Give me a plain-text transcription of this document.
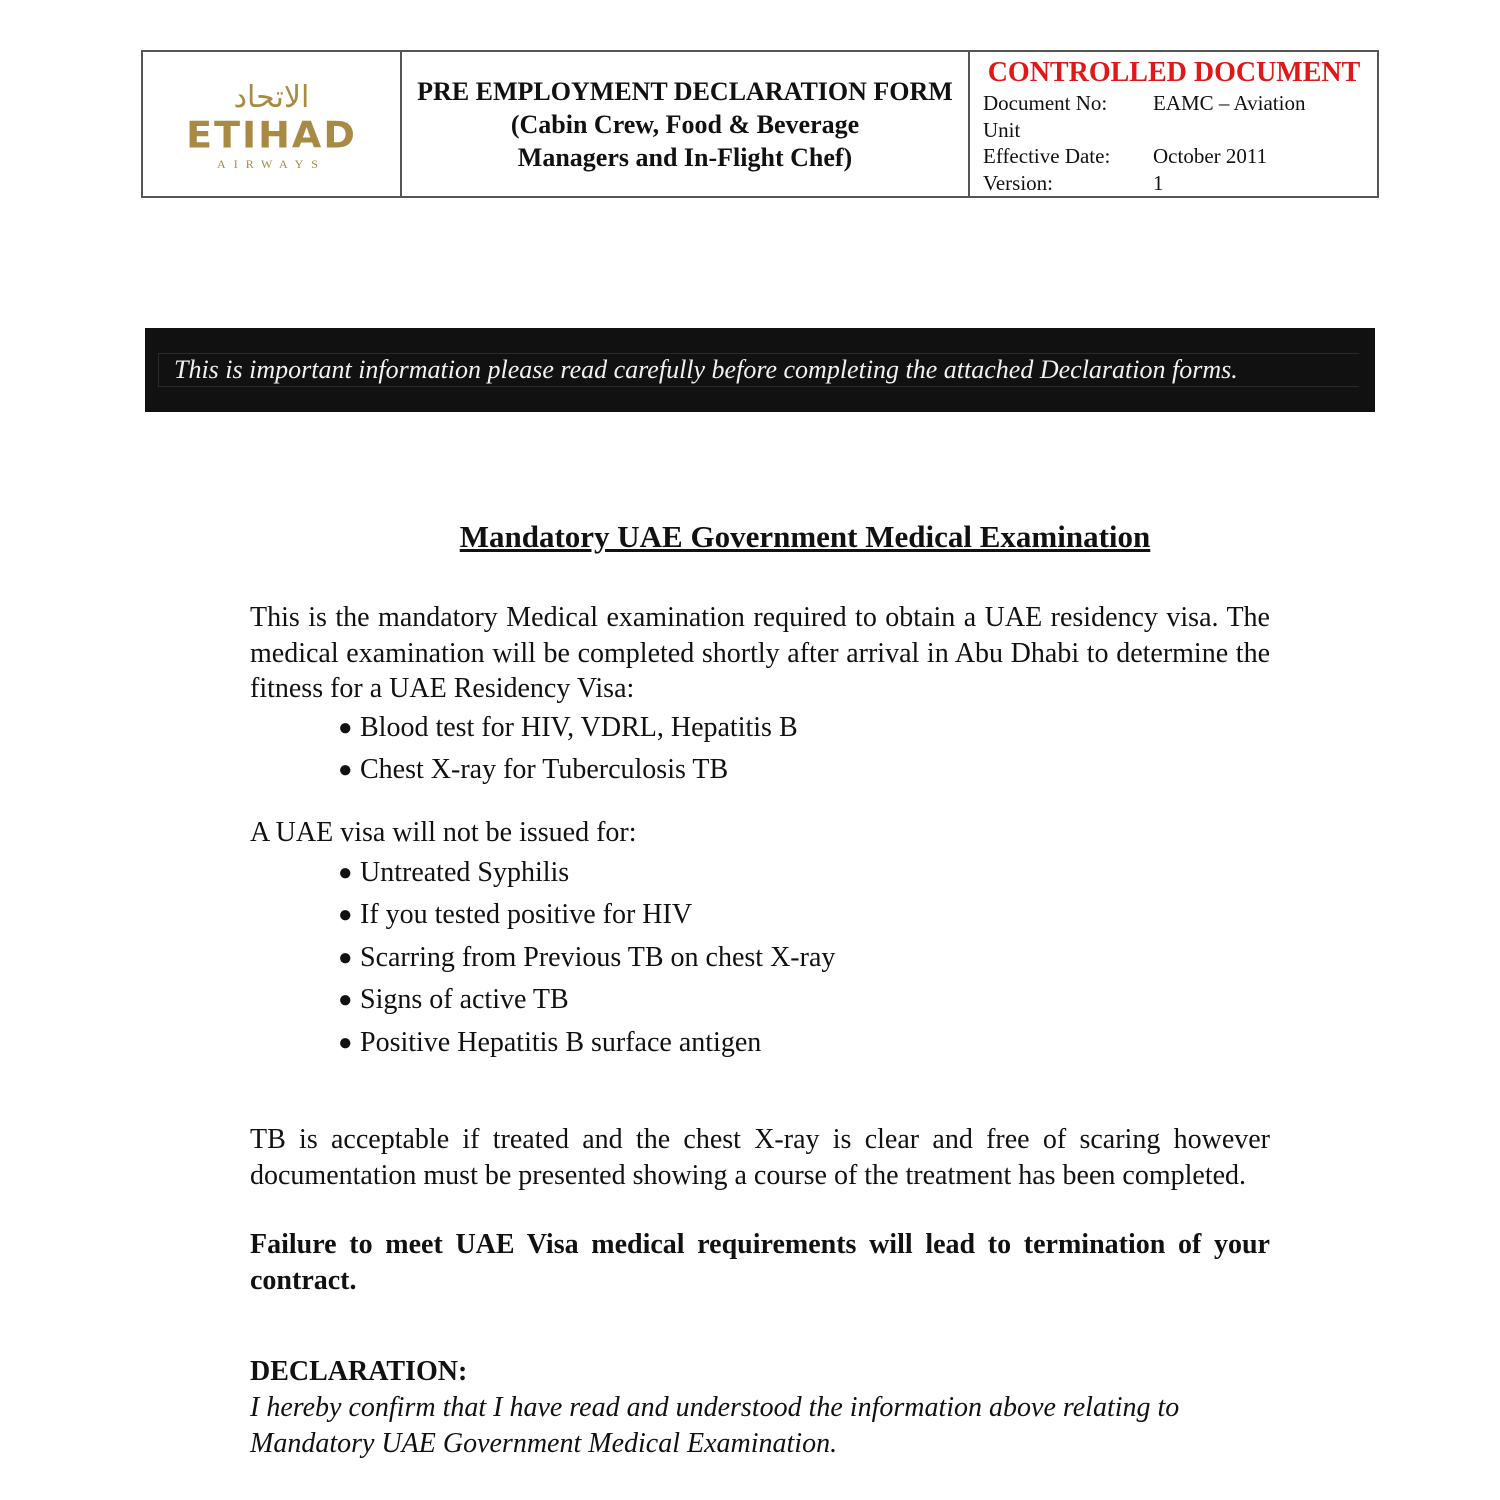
الاتحاد
ETIHAD
AIRWAYS
PRE EMPLOYMENT DECLARATION FORM
(Cabin Crew, Food & Beverage
Managers and In-Flight Chef)
CONTROLLED DOCUMENT
Document No:	EAMC – Aviation
Unit
Effective Date:	October 2011
Version:	1
This is important information please read carefully before completing the attached Declaration forms.
Mandatory UAE Government Medical Examination

This is the mandatory Medical examination required to obtain a UAE residency visa. The medical examination will be completed shortly after arrival in Abu Dhabi to determine the fitness for a UAE Residency Visa:

● Blood test for HIV, VDRL, Hepatitis B
● Chest X-ray for Tuberculosis TB

A UAE visa will not be issued for:

● Untreated Syphilis
● If you tested positive for HIV
● Scarring from Previous TB on chest X-ray
● Signs of active TB
● Positive Hepatitis B surface antigen

TB is acceptable if treated and the chest X-ray is clear and free of scaring however documentation must be presented showing a course of the treatment has been completed.

Failure to meet UAE Visa medical requirements will lead to termination of your contract.

DECLARATION:

I hereby confirm that I have read and understood the information above relating to Mandatory UAE Government Medical Examination.
